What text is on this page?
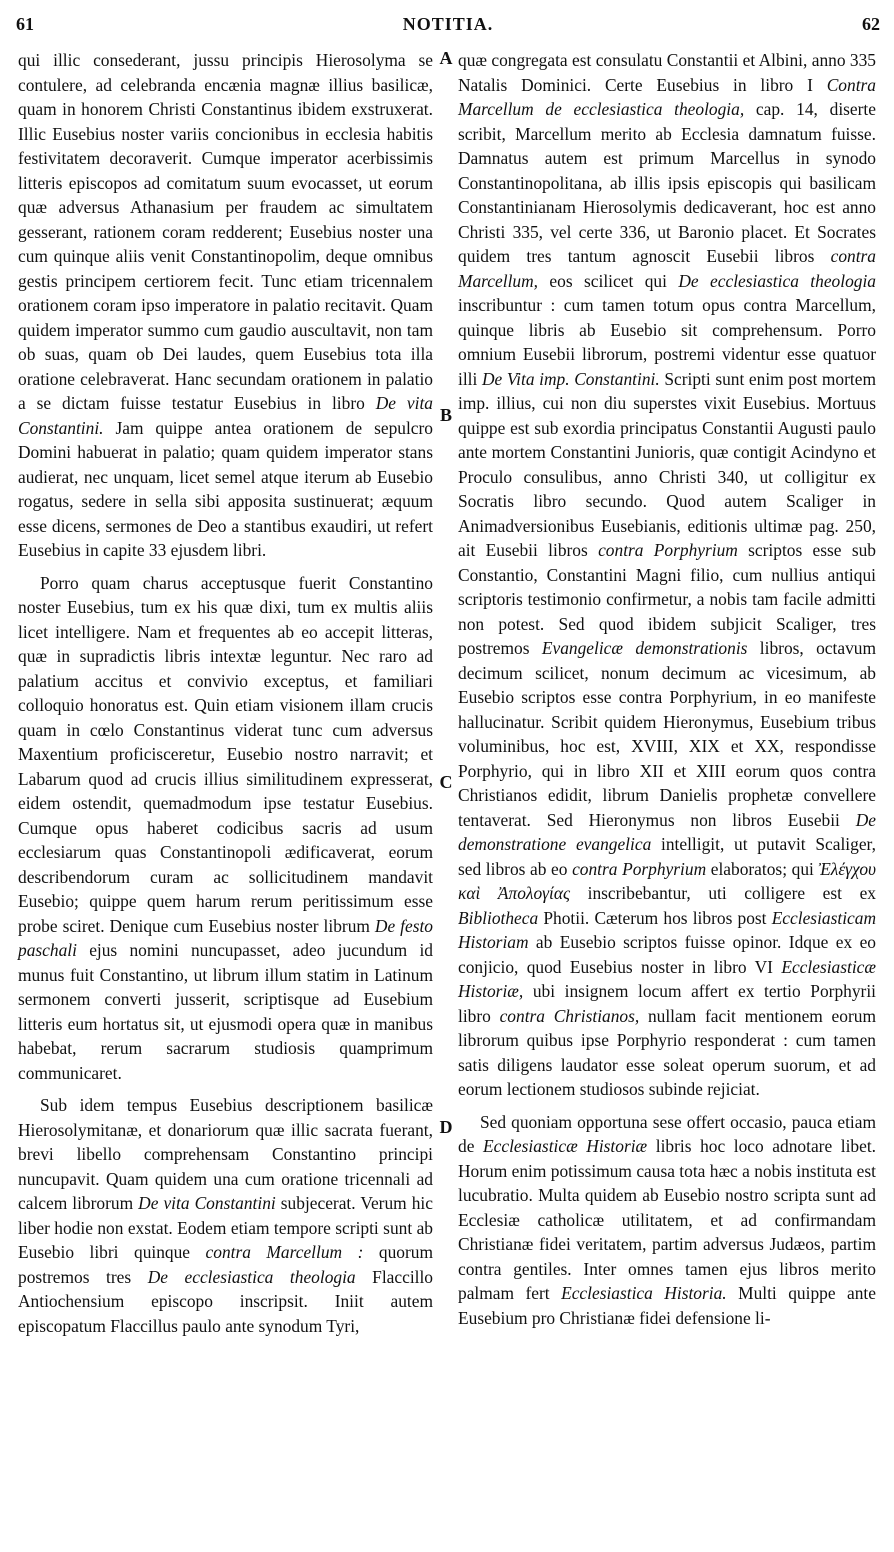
61	NOTITIA.	62
A
B
C
D

qui illic consederant, jussu principis Hierosolyma se contulere, ad celebranda encænia magnæ illius basilicæ, quam in honorem Christi Constantinus ibidem exstruxerat. Illic Eusebius noster variis concionibus in ecclesia habitis festivitatem decoraverit. Cumque imperator acerbissimis litteris episcopos ad comitatum suum evocasset, ut eorum quæ adversus Athanasium per fraudem ac simultatem gesserant, rationem coram redderent; Eusebius noster una cum quinque aliis venit Constantinopolim, deque omnibus gestis principem certiorem fecit. Tunc etiam tricennalem orationem coram ipso imperatore in palatio recitavit. Quam quidem imperator summo cum gaudio auscultavit, non tam ob suas, quam ob Dei laudes, quem Eusebius tota illa oratione celebraverat. Hanc secundam orationem in palatio a se dictam fuisse testatur Eusebius in libro De vita Constantini. Jam quippe antea orationem de sepulcro Domini habuerat in palatio; quam quidem imperator stans audierat, nec unquam, licet semel atque iterum ab Eusebio rogatus, sedere in sella sibi apposita sustinuerat; æquum esse dicens, sermones de Deo a stantibus exaudiri, ut refert Eusebius in capite 33 ejusdem libri.

Porro quam charus acceptusque fuerit Constantino noster Eusebius, tum ex his quæ dixi, tum ex multis aliis licet intelligere. Nam et frequentes ab eo accepit litteras, quæ in supradictis libris intextæ leguntur. Nec raro ad palatium accitus et convivio exceptus, et familiari colloquio honoratus est. Quin etiam visionem illam crucis quam in cœlo Constantinus viderat tunc cum adversus Maxentium proficisceretur, Eusebio nostro narravit; et Labarum quod ad crucis illius similitudinem expresserat, eidem ostendit, quemadmodum ipse testatur Eusebius. Cumque opus haberet codicibus sacris ad usum ecclesiarum quas Constantinopoli ædificaverat, eorum describendorum curam ac sollicitudinem mandavit Eusebio; quippe quem harum rerum peritissimum esse probe sciret. Denique cum Eusebius noster librum De festo paschali ejus nomini nuncupasset, adeo jucundum id munus fuit Constantino, ut librum illum statim in Latinum sermonem converti jusserit, scriptisque ad Eusebium litteris eum hortatus sit, ut ejusmodi opera quæ in manibus habebat, rerum sacrarum studiosis quamprimum communicaret.

Sub idem tempus Eusebius descriptionem basilicæ Hierosolymitanæ, et donariorum quæ illic sacrata fuerant, brevi libello comprehensam Constantino principi nuncupavit. Quam quidem una cum oratione tricennali ad calcem librorum De vita Constantini subjecerat. Verum hic liber hodie non exstat. Eodem etiam tempore scripti sunt ab Eusebio libri quinque contra Marcellum : quorum postremos tres De ecclesiastica theologia Flaccillo Antiochensium episcopo inscripsit. Iniit autem episcopatum Flaccillus paulo ante synodum Tyri,

quæ congregata est consulatu Constantii et Albini, anno 335 Natalis Dominici. Certe Eusebius in libro I Contra Marcellum de ecclesiastica theologia, cap. 14, diserte scribit, Marcellum merito ab Ecclesia damnatum fuisse. Damnatus autem est primum Marcellus in synodo Constantinopolitana, ab illis ipsis episcopis qui basilicam Constantinianam Hierosolymis dedicaverant, hoc est anno Christi 335, vel certe 336, ut Baronio placet. Et Socrates quidem tres tantum agnoscit Eusebii libros contra Marcellum, eos scilicet qui De ecclesiastica theologia inscribuntur : cum tamen totum opus contra Marcellum, quinque libris ab Eusebio sit comprehensum. Porro omnium Eusebii librorum, postremi videntur esse quatuor illi De Vita imp. Constantini. Scripti sunt enim post mortem imp. illius, cui non diu superstes vixit Eusebius. Mortuus quippe est sub exordia principatus Constantii Augusti paulo ante mortem Constantini Junioris, quæ contigit Acindyno et Proculo consulibus, anno Christi 340, ut colligitur ex Socratis libro secundo. Quod autem Scaliger in Animadversionibus Eusebianis, editionis ultimæ pag. 250, ait Eusebii libros contra Porphyrium scriptos esse sub Constantio, Constantini Magni filio, cum nullius antiqui scriptoris testimonio confirmetur, a nobis tam facile admitti non potest. Sed quod ibidem subjicit Scaliger, tres postremos Evangelicæ demonstrationis libros, octavum decimum scilicet, nonum decimum ac vicesimum, ab Eusebio scriptos esse contra Porphyrium, in eo manifeste hallucinatur. Scribit quidem Hieronymus, Eusebium tribus voluminibus, hoc est, XVIII, XIX et XX, respondisse Porphyrio, qui in libro XII et XIII eorum quos contra Christianos edidit, librum Danielis prophetæ convellere tentaverat. Sed Hieronymus non libros Eusebii De demonstratione evangelica intelligit, ut putavit Scaliger, sed libros ab eo contra Porphyrium elaboratos; qui Ἐλέγχου καὶ Ἀπολογίας inscribebantur, uti colligere est ex Bibliotheca Photii. Cæterum hos libros post Ecclesiasticam Historiam ab Eusebio scriptos fuisse opinor. Idque ex eo conjicio, quod Eusebius noster in libro VI Ecclesiasticæ Historiæ, ubi insignem locum affert ex tertio Porphyrii libro contra Christianos, nullam facit mentionem eorum librorum quibus ipse Porphyrio responderat : cum tamen satis diligens laudator esse soleat operum suorum, et ad eorum lectionem studiosos subinde rejiciat.

Sed quoniam opportuna sese offert occasio, pauca etiam de Ecclesiasticæ Historiæ libris hoc loco adnotare libet. Horum enim potissimum causa tota hæc a nobis instituta est lucubratio. Multa quidem ab Eusebio nostro scripta sunt ad Ecclesiæ catholicæ utilitatem, et ad confirmandam Christianæ fidei veritatem, partim adversus Judæos, partim contra gentiles. Inter omnes tamen ejus libros merito palmam fert Ecclesiastica Historia. Multi quippe ante Eusebium pro Christianæ fidei defensione li-
